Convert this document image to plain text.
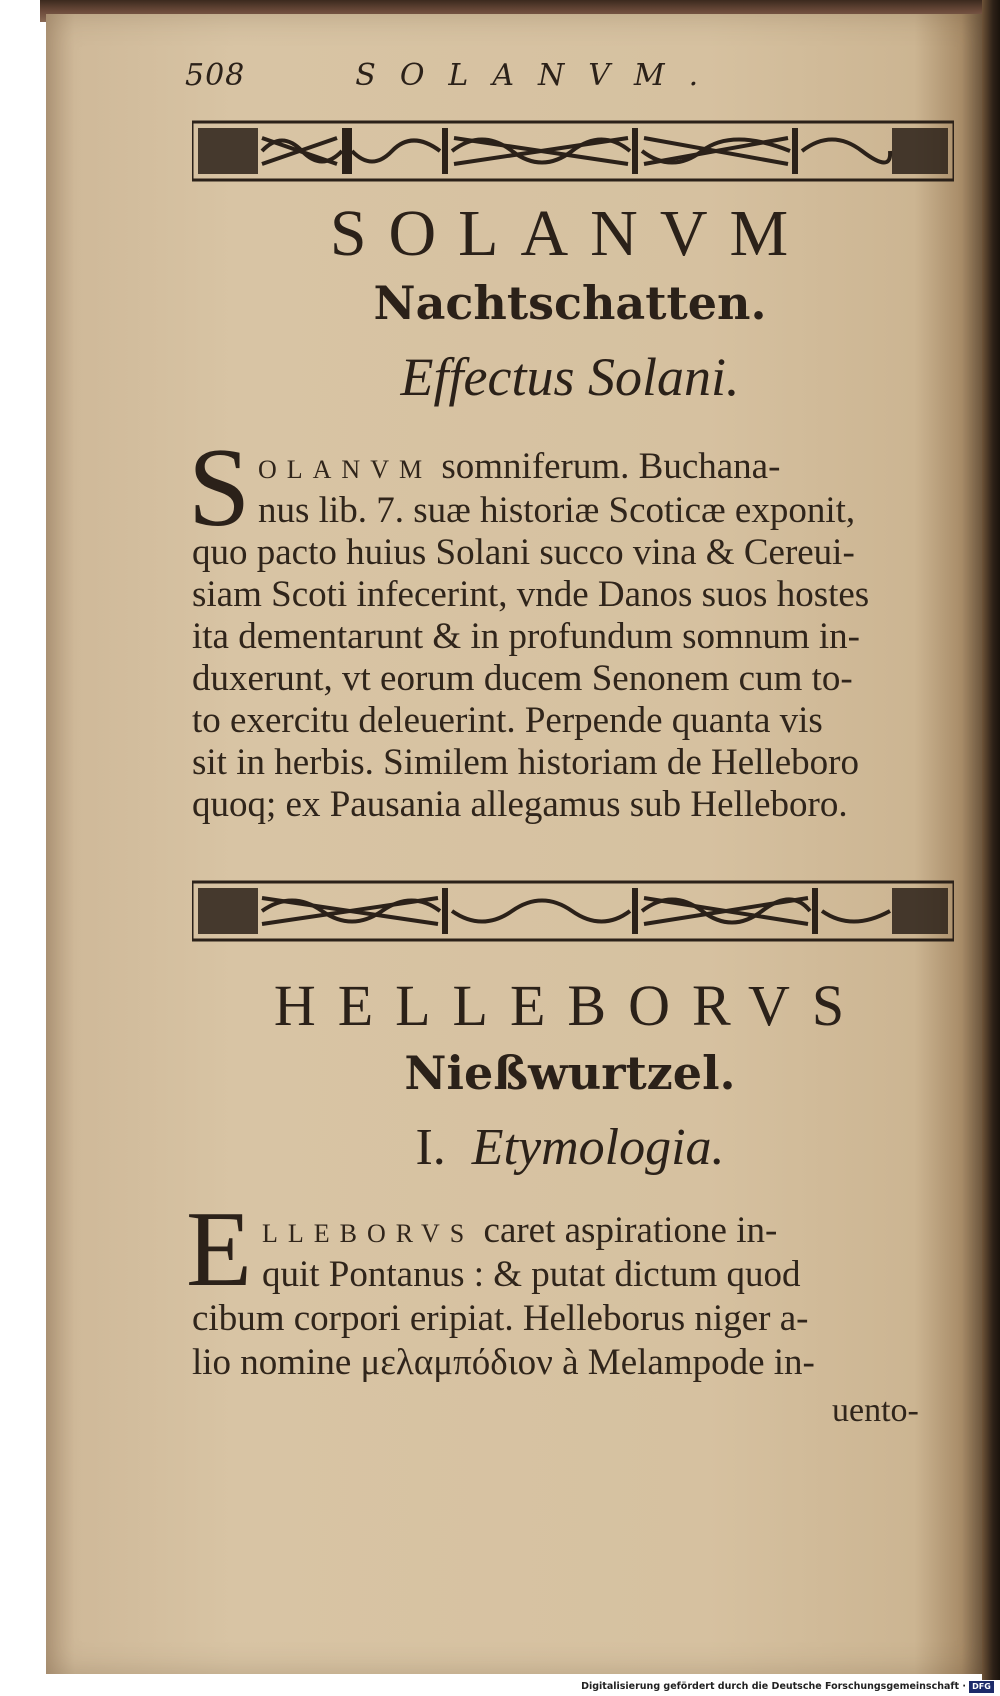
508	SOLANVM.
SOLANVM
Nachtschatten.
Effectus Solani.
S OLANVM somniferum. Buchana-
nus lib. 7. suæ historiæ Scoticæ exponit,
quo pacto huius Solani succo vina & Cereui-
siam Scoti infecerint, vnde Danos suos hostes
ita dementarunt & in profundum somnum in-
duxerunt, vt eorum ducem Senonem cum to-
to exercitu deleuerint. Perpende quanta vis
sit in herbis. Similem historiam de Helleboro
quoq; ex Pausania allegamus sub Helleboro.
HELLEBORVS
Nießwurtzel.
I. Etymologia.
E LLEBORVS caret aspiratione in-
quit Pontanus : & putat dictum quod
cibum corpori eripiat. Helleborus niger a-
lio nomine μελαμπόδιον à Melampode in-
uento-
Digitalisierung gefördert durch die Deutsche Forschungsgemeinschaft · DFG
